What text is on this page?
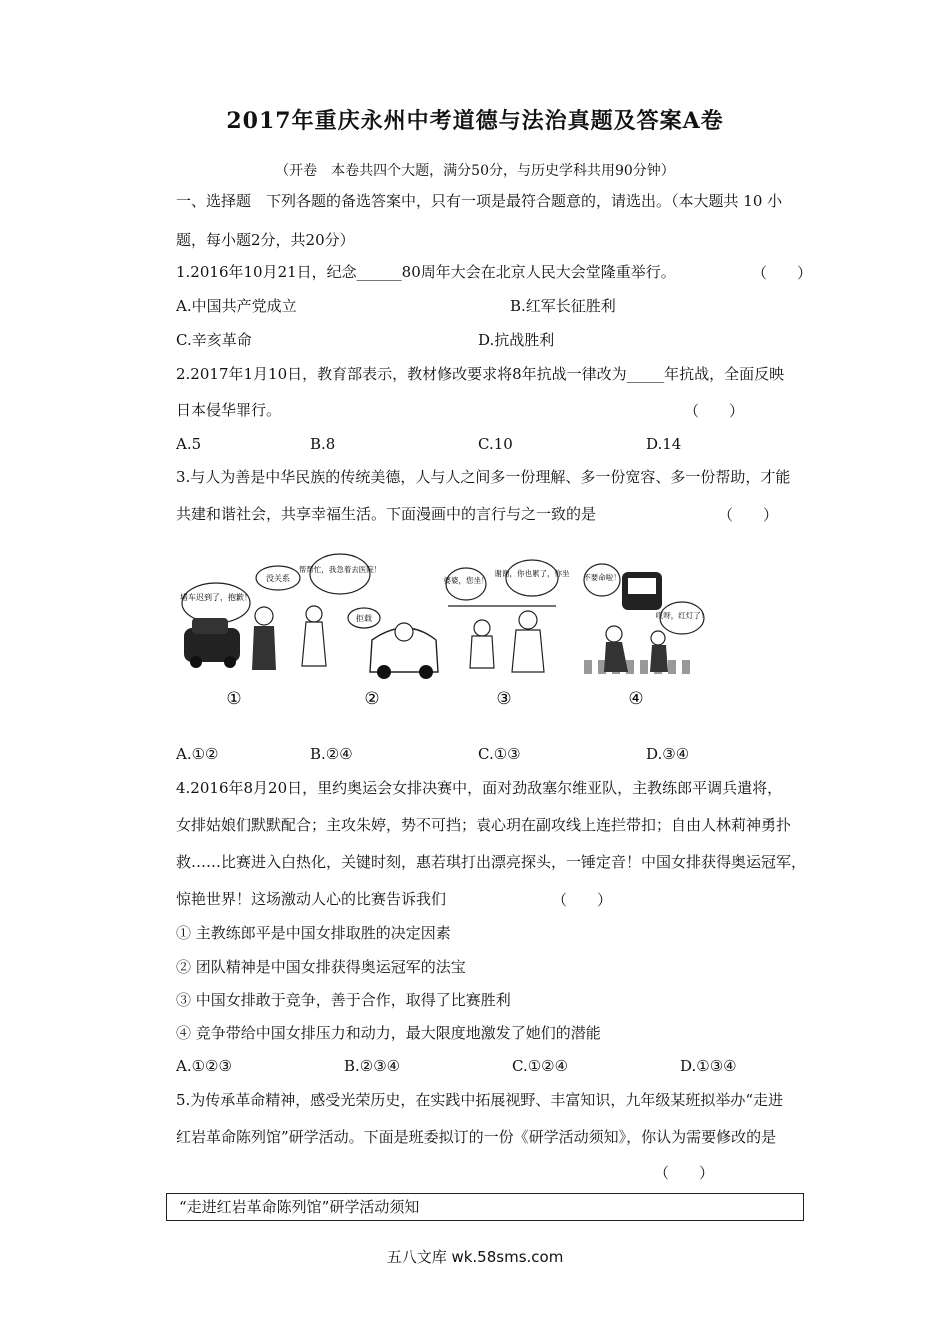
2017年重庆永州中考道德与法治真题及答案A卷
（开卷　本卷共四个大题，满分50分，与历史学科共用90分钟）
一、选择题　下列各题的备选答案中，只有一项是最符合题意的，请选出。（本大题共 10 小
题，每小题2分，共20分）
1.2016年10月21日，纪念______80周年大会在北京人民大会堂隆重举行。	（　　）
A.中国共产党成立	B.红军长征胜利
C.辛亥革命	D.抗战胜利
2.2017年1月10日，教育部表示，教材修改要求将8年抗战一律改为_____年抗战，全面反映
日本侵华罪行。	（　　）
A.5	B.8	C.10	D.14
3.与人为善是中华民族的传统美德，人与人之间多一份理解、多一份宽容、多一份帮助，才能
共建和谐社会，共享幸福生活。下面漫画中的言行与之一致的是	（　　）
堵车迟到了，抱歉！
没关系
①
帮帮忙，我急着去医院！
拒载
②
婆婆，您坐！
谢谢，你也累了，你坐
③
不要命啦！
哎呀，红灯了！
④
A.①②	B.②④	C.①③	D.③④
4.2016年8月20日，里约奥运会女排决赛中，面对劲敌塞尔维亚队，主教练郎平调兵遣将，
女排姑娘们默默配合；主攻朱婷，势不可挡；袁心玥在副攻线上连拦带扣；自由人林莉神勇扑
救……比赛进入白热化，关键时刻，惠若琪打出漂亮探头，一锤定音！中国女排获得奥运冠军，
惊艳世界！这场激动人心的比赛告诉我们	（　　）
① 主教练郎平是中国女排取胜的决定因素
② 团队精神是中国女排获得奥运冠军的法宝
③ 中国女排敢于竞争，善于合作，取得了比赛胜利
④ 竞争带给中国女排压力和动力，最大限度地激发了她们的潜能
A.①②③	B.②③④	C.①②④	D.①③④
5.为传承革命精神，感受光荣历史，在实践中拓展视野、丰富知识，九年级某班拟举办“走进
红岩革命陈列馆”研学活动。下面是班委拟订的一份《研学活动须知》，你认为需要修改的是
（　　）
“走进红岩革命陈列馆”研学活动须知
五八文库 wk.58sms.com
